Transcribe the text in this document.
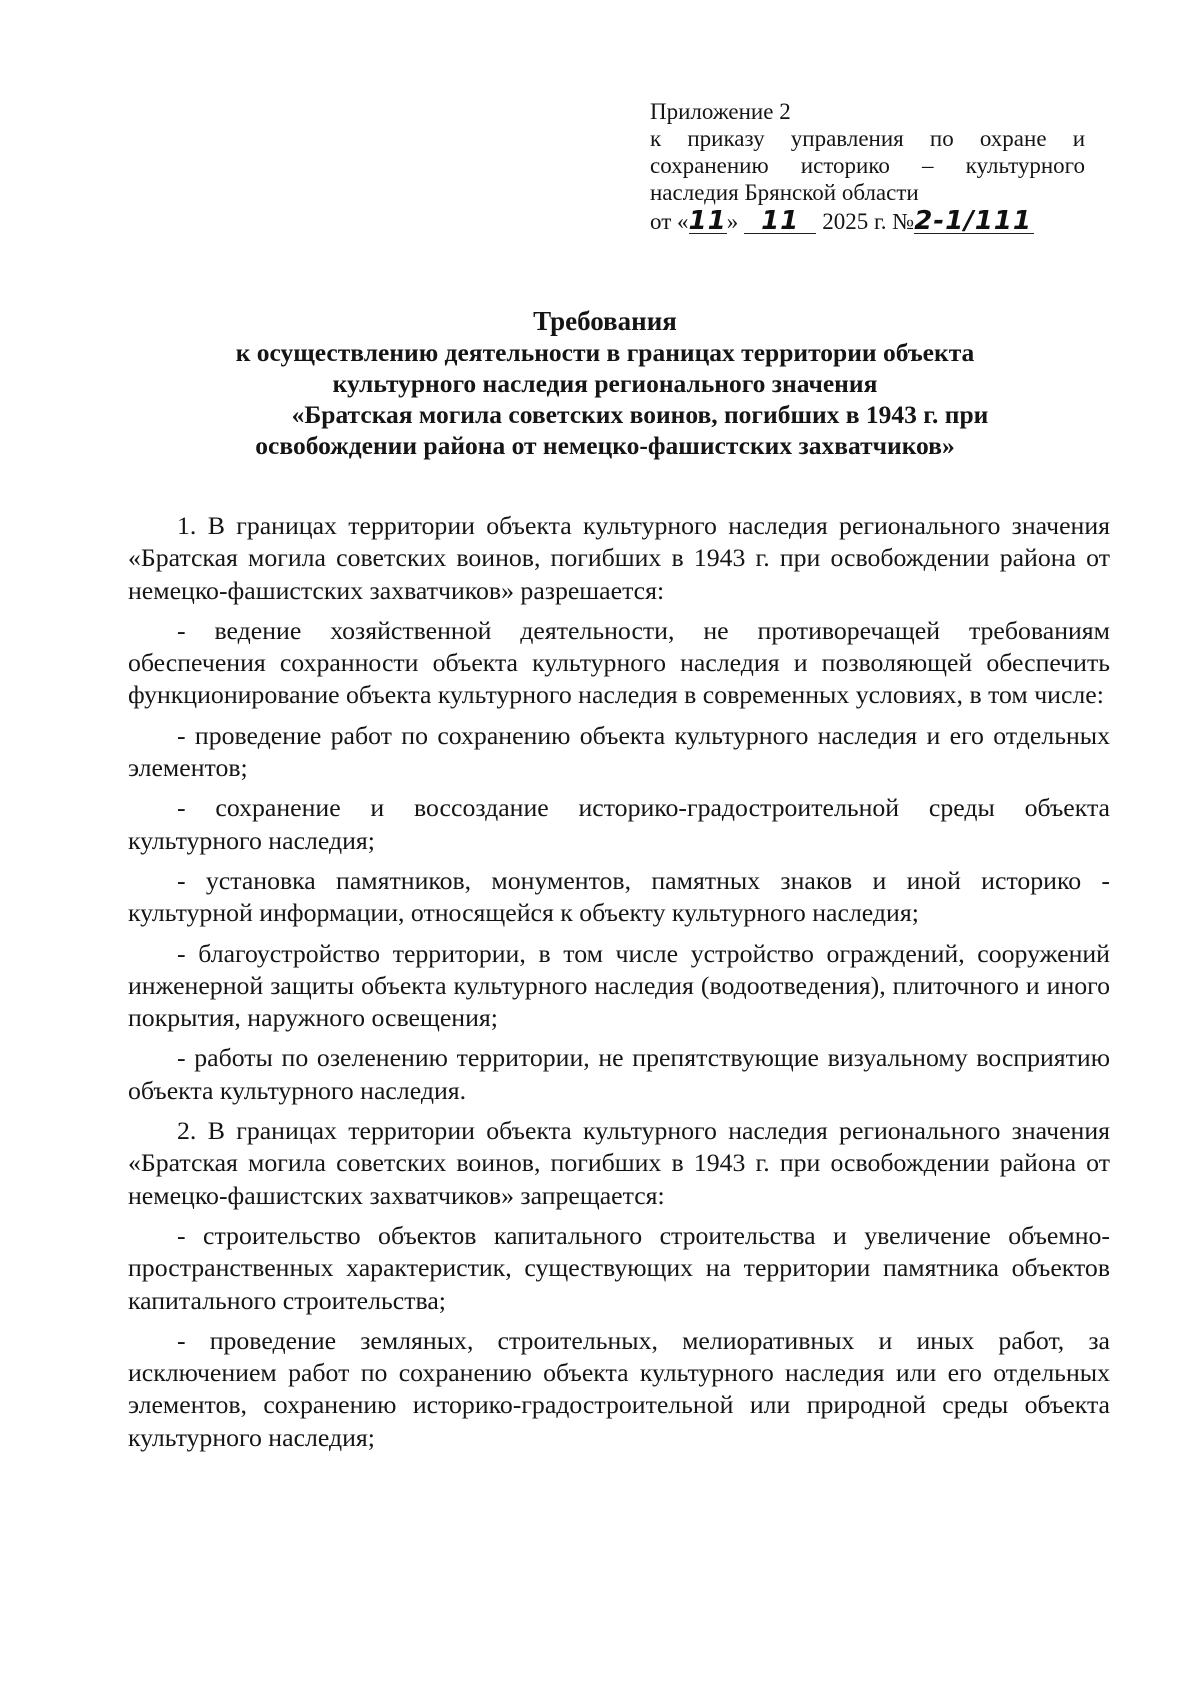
Приложение 2
к приказу управления по охране и
сохранению историко – культурного
наследия Брянской области
от « 11 » 11 2025 г. № 2-1/111
Требования
к осуществлению деятельности в границах территории объекта
культурного наследия регионального значения
«Братская могила советских воинов, погибших в 1943 г. при
освобождении района от немецко-фашистских захватчиков»

1. В границах территории объекта культурного наследия регионального значения «Братская могила советских воинов, погибших в 1943 г. при освобождении района от немецко-фашистских захватчиков» разрешается:

- ведение хозяйственной деятельности, не противоречащей требованиям обеспечения сохранности объекта культурного наследия и позволяющей обеспечить функционирование объекта культурного наследия в современных условиях, в том числе:

- проведение работ по сохранению объекта культурного наследия и его отдельных элементов;

- сохранение и воссоздание историко-градостроительной среды объекта культурного наследия;

- установка памятников, монументов, памятных знаков и иной историко - культурной информации, относящейся к объекту культурного наследия;

- благоустройство территории, в том числе устройство ограждений, сооружений инженерной защиты объекта культурного наследия (водоотведения), плиточного и иного покрытия, наружного освещения;

- работы по озеленению территории, не препятствующие визуальному восприятию объекта культурного наследия.

2. В границах территории объекта культурного наследия регионального значения «Братская могила советских воинов, погибших в 1943 г. при освобождении района от немецко-фашистских захватчиков» запрещается:

- строительство объектов капитального строительства и увеличение объемно-пространственных характеристик, существующих на территории памятника объектов капитального строительства;

- проведение земляных, строительных, мелиоративных и иных работ, за исключением работ по сохранению объекта культурного наследия или его отдельных элементов, сохранению историко-градостроительной или природной среды объекта культурного наследия;
